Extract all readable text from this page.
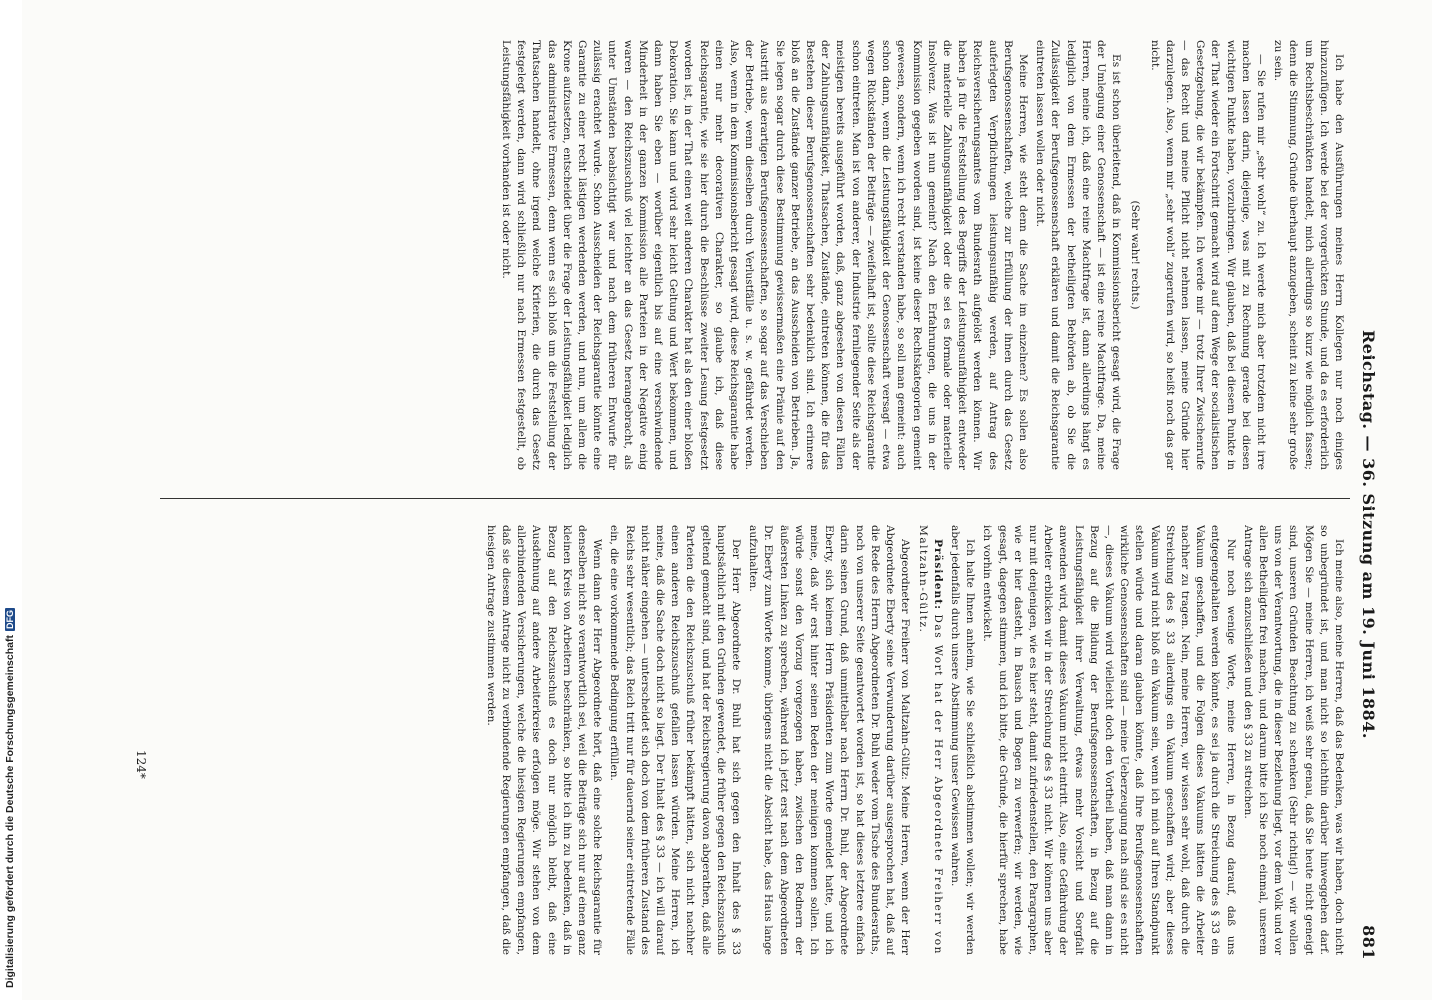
Digitalisierung gefördert durch die Deutsche ForschungsgemeinschaftDFG	Reichstag. — 36. Sitzung am 19. Juni 1884.
881

Ich habe den Ausführungen meines Herrn Kollegen nur noch einiges hinzuzufügen. Ich werde bei der vorgerückten Stunde, und da es erforderlich um Rechtsbeschränkten handelt, mich allerdings so kurz wie möglich fassen; denn die Stimmung, Gründe überhaupt anzugeben, scheint zu keine sehr große zu sein.

— Sie rufen mir „sehr wohl“ zu. Ich werde mich aber trotzdem nicht irre machen lassen darin, diejenige, was mit zu Rechnung gerade bei diesen wichtigen Punkte haben, vorzubringen. Wir glauben, daß bei diesem Punkte in der That wieder ein Fortschritt gemacht wird auf dem Wege der socialistischen Gesetzgebung, die wir bekämpfen. Ich werde mir — trotz Ihrer Zwischenrufe — das Recht und meine Pflicht nicht nehmen lassen, meine Gründe hier darzulegen. Also, wenn mir „sehr wohl“ zugerufen wird, so heißt noch das gar nicht.

(Sehr wahr! rechts.)

Es ist schon überleitend, daß in Kommissionsbericht gesagt wird, die Frage der Umlegung einer Genossenschaft — ist eine reine Machtfrage. Da, meine Herren, meine ich, daß eine reine Machtfrage ist, dann allerdings hängt es lediglich von dem Ermessen der betheiligten Behörden ab, ob Sie die Zulässigkeit der Berufsgenossenschaft erklären und damit die Reichsgarantie eintreten lassen wollen oder nicht.

Meine Herren, wie steht denn die Sache im einzelnen? Es sollen also Berufsgenossenschaften, welche zur Erfüllung der ihnen durch das Gesetz auferlegten Verpflichtungen leistungsunfähig werden, auf Antrag des Reichsversicherungsamtes vom Bundesrath aufgelöst werden können. Wir haben ja für die Feststellung des Begriffs der Leistungsunfähigkeit entweder die materielle Zahlungsunfähigkeit oder die sei es formale oder materielle Insolvenz. Was ist nun gemeint? Nach den Erfahrungen, die uns in der Kommission gegeben worden sind, ist keine dieser Rechtskategorien gemeint gewesen, sondern, wenn ich recht verstanden habe, so soll man gemeint: auch schon dann, wenn die Leistungsfähigkeit der Genossenschaft versagt — etwa wegen Rückständen der Beiträge — zweifelhaft ist, sollte diese Reichsgarantie schon eintreten. Man ist von anderer, der Industrie fernliegender Seite als der meistigen bereits ausgeführt worden, daß, ganz abgesehen von diesen Fällen der Zahlungsunfähigkeit, Thatsachen, Zustände, eintreten können, die für das Bestehen dieser Berufsgenossenschaften sehr bedenklich sind. Ich erinnere bloß an die Zustände ganzer Betriebe, an das Ausscheiden von Betrieben. Ja, Sie legen sogar durch diese Bestimmung gewissermaßen eine Prämie auf den Austritt aus derartigen Berufsgenossenschaften, so sogar auf das Verschieben der Betriebe, wenn dieselben durch Verlustfälle u. s. w. gefährdet werden. Also, wenn in dem Kommissionsbericht gesagt wird, diese Reichsgarantie habe einen nur mehr decorativen Charakter, so glaube ich, daß diese Reichsgarantie, wie sie hier durch die Beschlüsse zweiter Lesung festgesetzt worden ist, in der That einen weit anderen Charakter hat als den einer bloßen Dekoration. Sie kann und wird sehr leicht Geltung und Wert bekommen, und dann haben Sie eben — worüber eigentlich bis auf eine verschwindende Minderheit in der ganzen Kommission alle Parteien in der Negative einig waren — den Reichszuschuß viel leichter an das Gesetz herangebracht, als unter Umständen beabsichtigt war und nach dem früheren Entwurfe für zulässig erachtet wurde. Schon Ausscheiden der Reichsgarantie könnte eine Garantie zu einer recht lästigen werdenden werden, und nun, um allem die Krone aufzusetzen, entscheidet über die Frage der Leistungsfähigkeit lediglich das administrative Ermessen, denn wenn es sich bloß um die Feststellung der Thatsachen handelt, ohne irgend welche Kriterien, die durch das Gesetz festgelegt werden, dann wird schließlich nur nach Ermessen festgestellt, ob Leistungsfähigkeit vorhanden ist oder nicht.

Ich meine also, meine Herren, daß das Bedenken, was wir haben, doch nicht so unbegründet ist, und man nicht so leichthin darüber hinweggehen darf. Mögen Sie — meine Herren, ich weiß sehr genau, daß Sie heute nicht geneigt sind, unseren Gründen Beachtung zu schenken (Sehr richtig!) — wir wollen uns von der Verantwortung, die in dieser Beziehung liegt, vor dem Volk und vor allen Betheiligten frei machen, und darum bitte ich Sie noch einmal, unserem Antrage sich anzuschließen und den § 33 zu streichen.

Nur noch wenige Worte, meine Herren, in Bezug darauf, daß uns entgegengehalten werden könnte, es sei ja durch die Streichung des § 33 ein Vakuum geschaffen, und die Folgen dieses Vakuums hätten die Arbeiter nachher zu tragen. Nein, meine Herren, wir wissen sehr wohl, daß durch die Streichung des § 33 allerdings ein Vakuum geschaffen wird; aber dieses Vakuum wird nicht bloß ein Vakuum sein, wenn ich mich auf Ihren Standpunkt stellen würde und daran glauben könnte, daß Ihre Berufsgenossenschaften wirkliche Genossenschaften sind — meine Ueberzeugung nach sind sie es nicht —, dieses Vakuum wird vielleicht doch den Vortheil haben, daß man dann in Bezug auf die Bildung der Berufsgenossenschaften, in Bezug auf die Leistungsfähigkeit ihrer Verwaltung, etwas mehr Vorsicht und Sorgfalt anwenden wird, damit dieses Vakuum nicht eintritt. Also, eine Gefährdung der Arbeiter erblicken wir in der Streichung des § 33 nicht. Wir können uns aber nur mit denjenigen, wie es hier steht, damit zufriedenstellen, den Paragraphen, wie er hier dasteht, in Bausch und Bogen zu verwerfen; wir werden, wie gesagt, dagegen stimmen, und ich bitte, die Gründe, die hierfür sprechen, habe ich vorhin entwickelt.

Ich halte Ihnen anheim, wie Sie schließlich abstimmen wollen; wir werden aber jedenfalls durch unsere Abstimmung unser Gewissen wahren.

Präsident: Das Wort hat der Herr Abgeordnete Freiherr von Maltzahn-Gültz.

Abgeordneter Freiherr von Maltzahn-Gültz: Meine Herren, wenn der Herr Abgeordnete Eberty seine Verwunderung darüber ausgesprochen hat, daß auf die Rede des Herrn Abgeordneten Dr. Buhl weder vom Tische des Bundesraths, noch von unserer Seite geantwortet worden ist, so hat dieses letztere einfach darin seinen Grund, daß unmittelbar nach Herrn Dr. Buhl, der Abgeordnete Eberty, sich keinem Herrn Präsidenten zum Worte gemeldet hatte, und ich meine, daß wir erst hinter seinen Reden der meinigen kommen sollen. Ich würde sonst den Vorzug vorgezogen haben, zwischen den Rednern der äußersten Linken zu sprechen, während ich jetzt erst nach dem Abgeordneten Dr. Eberty zum Worte komme, übrigens nicht die Absicht habe, das Haus lange aufzuhalten.

Der Herr Abgeordnete Dr. Buhl hat sich gegen den Inhalt des § 33 hauptsächlich mit den Gründen gewendet, die früher gegen den Reichszuschuß geltend gemacht sind, und hat der Reichsregierung davon abgerathen, daß alle Parteien die den Reichszuschuß früher bekämpft hätten, sich nicht nachher einen anderen Reichszuschuß gefallen lassen würden. Meine Herren, ich meine, daß die Sache doch nicht so liegt. Der Inhalt des § 33 — ich will darauf nicht näher eingehen — unterscheidet sich doch von dem früheren Zustand des Reichs sehr wesentlich; das Reich tritt nur für dauernd seiner eintretende Fälle ein, die eine vorkommende Bedingung erfüllen.

Wenn dann der Herr Abgeordnete hört, daß eine solche Reichsgarantie für denselben nicht so verantwortlich sei, weil die Beiträge sich nur auf einen ganz kleinen Kreis von Arbeitern beschränken, so bitte ich ihn zu bedenken, daß in Bezug auf den Reichszuschuß es doch nur möglich bleibt, daß eine Ausdehnung auf andere Arbeiterkreise erfolgen möge. Wir stehen von dem allerbindenden Versicherungen, welche die hiesigen Regierungen empfangen, daß sie diesem Antrage nicht zu verbindende Regierungen empfangen, daß die hiesigen Antrage zustimmen werden.

124*
